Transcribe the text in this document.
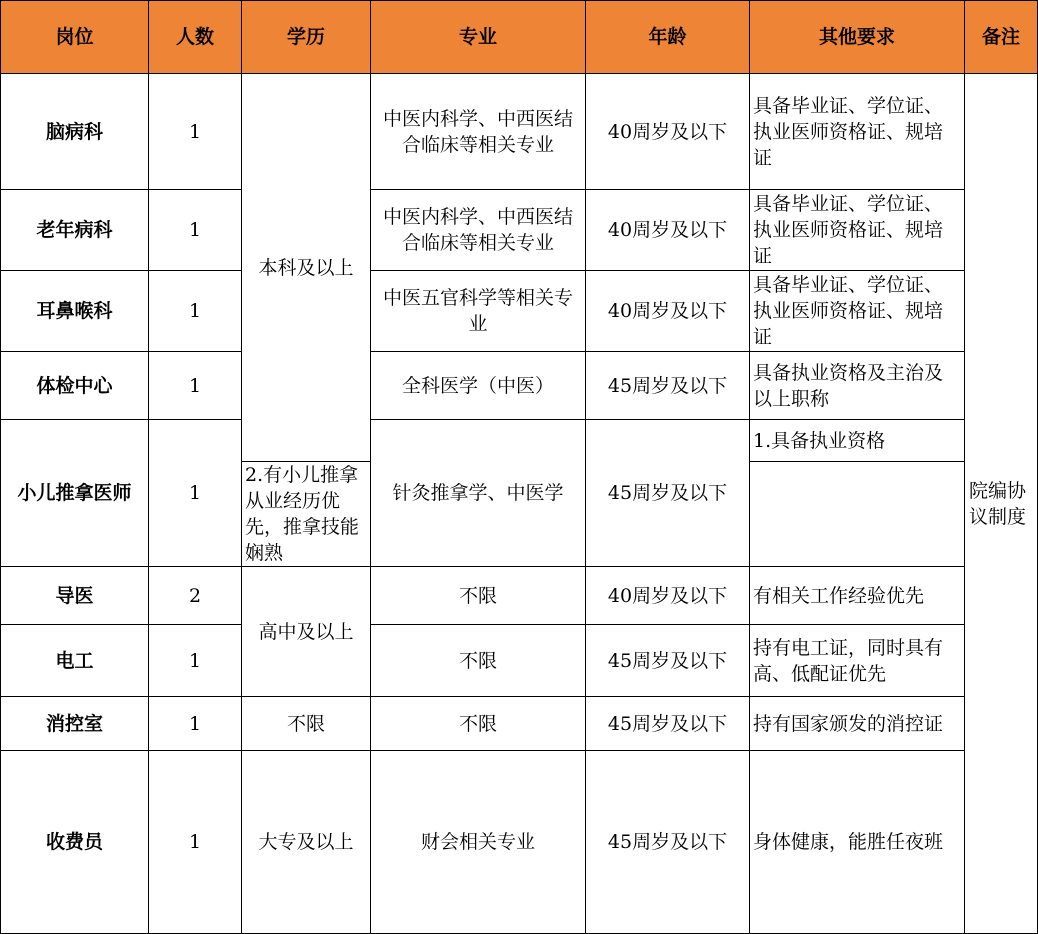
岗位	人数	学历	专业	年龄	其他要求	备注	
脑病科	1	本科及以上	中医内科学、中西医结合临床等相关专业	40周岁及以下	具备毕业证、学位证、执业医师资格证、规培证	院编协议制度	
老年病科	1		中医内科学、中西医结合临床等相关专业	40周岁及以下	具备毕业证、学位证、执业医师资格证、规培证		
耳鼻喉科	1		中医五官科学等相关专业	40周岁及以下	具备毕业证、学位证、执业医师资格证、规培证		
体检中心	1		全科医学（中医）	45周岁及以下	具备执业资格及主治及以上职称		
小儿推拿医师	1		针灸推拿学、中医学	45周岁及以下	1.具备执业资格		
		2.有小儿推拿从业经历优先，推拿技能娴熟					
导医	2	高中及以上	不限	40周岁及以下	有相关工作经验优先		
电工	1		不限	45周岁及以下	持有电工证，同时具有高、低配证优先		
消控室	1	不限	不限	45周岁及以下	持有国家颁发的消控证		
收费员	1	大专及以上	财会相关专业	45周岁及以下	身体健康，能胜任夜班	
